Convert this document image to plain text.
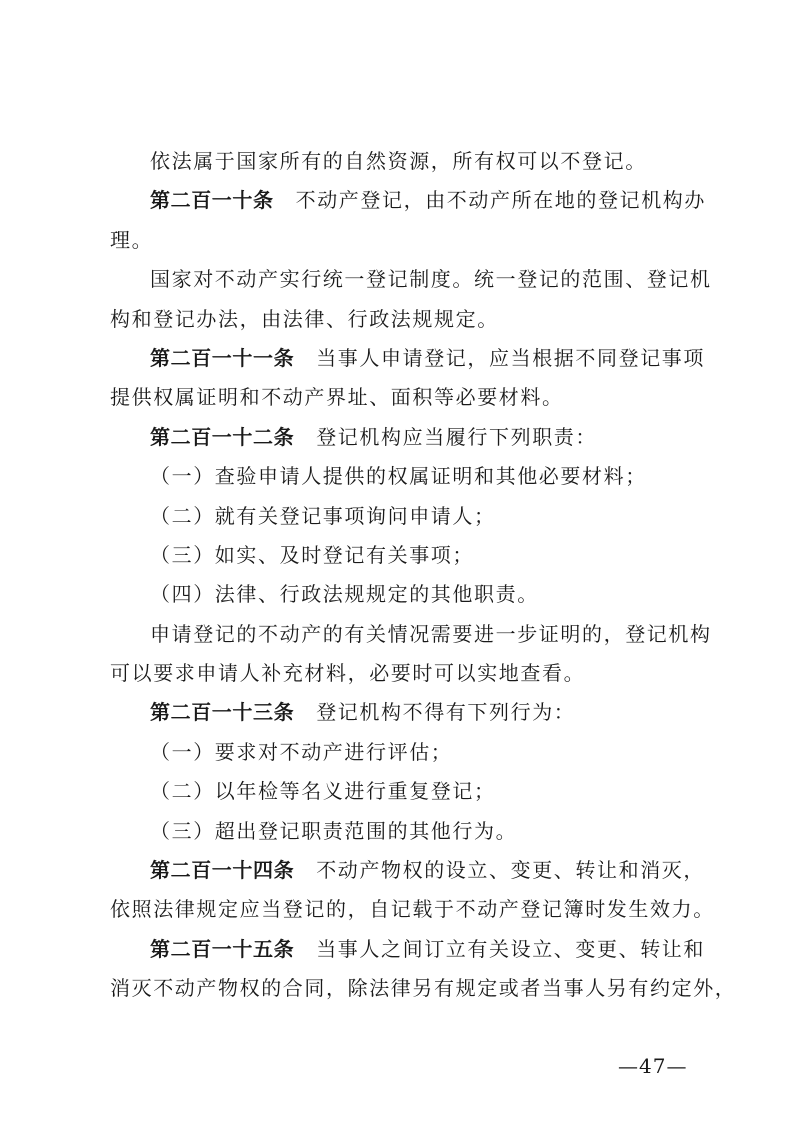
依法属于国家所有的自然资源，所有权可以不登记。
第二百一十条 不动产登记，由不动产所在地的登记机构办
理。
国家对不动产实行统一登记制度。统一登记的范围、登记机
构和登记办法，由法律、行政法规规定。
第二百一十一条 当事人申请登记，应当根据不同登记事项
提供权属证明和不动产界址、面积等必要材料。
第二百一十二条 登记机构应当履行下列职责：
（一）查验申请人提供的权属证明和其他必要材料；
（二）就有关登记事项询问申请人；
（三）如实、及时登记有关事项；
（四）法律、行政法规规定的其他职责。
申请登记的不动产的有关情况需要进一步证明的，登记机构
可以要求申请人补充材料，必要时可以实地查看。
第二百一十三条 登记机构不得有下列行为：
（一）要求对不动产进行评估；
（二）以年检等名义进行重复登记；
（三）超出登记职责范围的其他行为。
第二百一十四条 不动产物权的设立、变更、转让和消灭，
依照法律规定应当登记的，自记载于不动产登记簿时发生效力。
第二百一十五条 当事人之间订立有关设立、变更、转让和
消灭不动产物权的合同，除法律另有规定或者当事人另有约定外，
—47—
